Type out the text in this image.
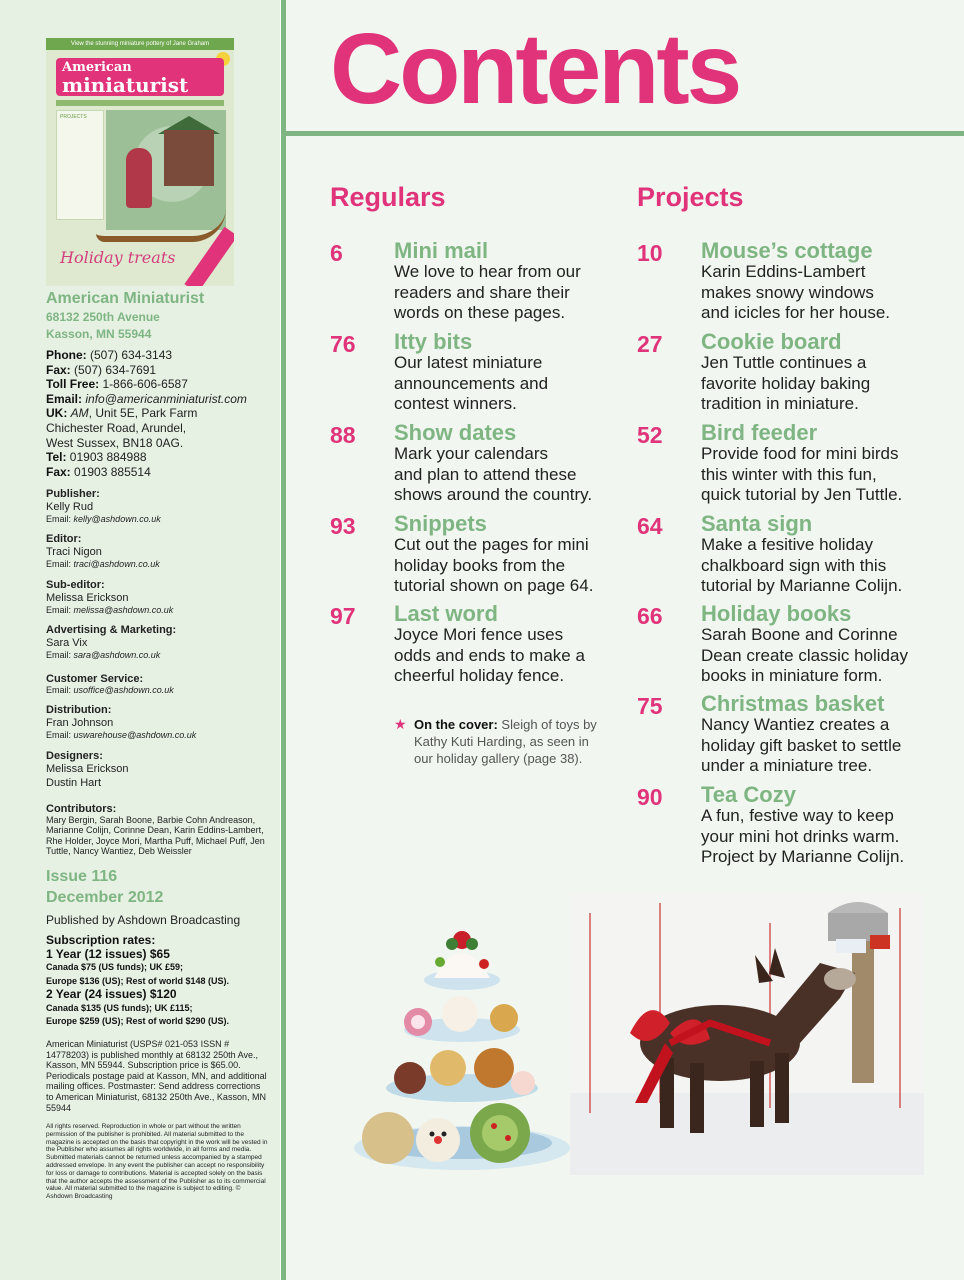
View the stunning miniature pottery of Jane Graham
American
miniaturist
PROJECTS
Holiday treats
American Miniaturist
68132 250th Avenue
Kasson, MN 55944
Phone: (507) 634-3143
Fax: (507) 634-7691
Toll Free: 1-866-606-6587
Email: info@americanminiaturist.com
UK: AM, Unit 5E, Park Farm
Chichester Road, Arundel,
West Sussex, BN18 0AG.
Tel: 01903 884988
Fax: 01903 885514
Publisher:
Kelly Rud
Email: kelly@ashdown.co.uk
Editor:
Traci Nigon
Email: traci@ashdown.co.uk
Sub-editor:
Melissa Erickson
Email: melissa@ashdown.co.uk
Advertising & Marketing:
Sara Vix
Email: sara@ashdown.co.uk
Customer Service:
Email: usoffice@ashdown.co.uk
Distribution:
Fran Johnson
Email: uswarehouse@ashdown.co.uk
Designers:
Melissa Erickson
Dustin Hart
Contributors:
Mary Bergin, Sarah Boone, Barbie Cohn Andreason, Marianne Colijn, Corinne Dean, Karin Eddins-Lambert, Rhe Holder, Joyce Mori, Martha Puff, Michael Puff, Jen Tuttle, Nancy Wantiez, Deb Weissler
Issue 116
December 2012
Published by Ashdown Broadcasting
Subscription rates:
1 Year (12 issues) $65
Canada $75 (US funds); UK £59;
Europe $136 (US); Rest of world $148 (US).
2 Year (24 issues) $120
Canada $135 (US funds); UK £115;
Europe $259 (US); Rest of world $290 (US).
American Miniaturist (USPS# 021-053 ISSN # 14778203) is published monthly at 68132 250th Ave., Kasson, MN 55944. Subscription price is $65.00. Periodicals postage paid at Kasson, MN, and additional mailing offices. Postmaster: Send address corrections to American Miniaturist, 68132 250th Ave., Kasson, MN 55944
All rights reserved. Reproduction in whole or part without the written permission of the publisher is prohibited. All material submitted to the magazine is accepted on the basis that copyright in the work will be vested in the Publisher who assumes all rights worldwide, in all forms and media. Submitted materials cannot be returned unless accompanied by a stamped addressed envelope. In any event the publisher can accept no responsibility for loss or damage to contributions. Material is accepted solely on the basis that the author accepts the assessment of the Publisher as to its commercial value. All material submitted to the magazine is subject to editing. © Ashdown Broadcasting
Contents
Regulars	Projects
6 Mini mail
We love to hear from our
readers and share their
words on these pages.
76 Itty bits
Our latest miniature
announcements and
contest winners.
88 Show dates
Mark your calendars
and plan to attend these
shows around the country.
93 Snippets
Cut out the pages for mini
holiday books from the
tutorial shown on page 64.
97 Last word
Joyce Mori fence uses
odds and ends to make a
cheerful holiday fence.
10 Mouse’s cottage
Karin Eddins-Lambert
makes snowy windows
and icicles for her house.
27 Cookie board
Jen Tuttle continues a
favorite holiday baking
tradition in miniature.
52 Bird feeder
Provide food for mini birds
this winter with this fun,
quick tutorial by Jen Tuttle.
64 Santa sign
Make a fesitive holiday
chalkboard sign with this
tutorial by Marianne Colijn.
66 Holiday books
Sarah Boone and Corinne
Dean create classic holiday
books in miniature form.
75 Christmas basket
Nancy Wantiez creates a
holiday gift basket to settle
under a miniature tree.
90 Tea Cozy
A fun, festive way to keep
your mini hot drinks warm.
Project by Marianne Colijn.
★ On the cover: Sleigh of toys by Kathy Kuti Harding, as seen in our holiday gallery (page 38).
